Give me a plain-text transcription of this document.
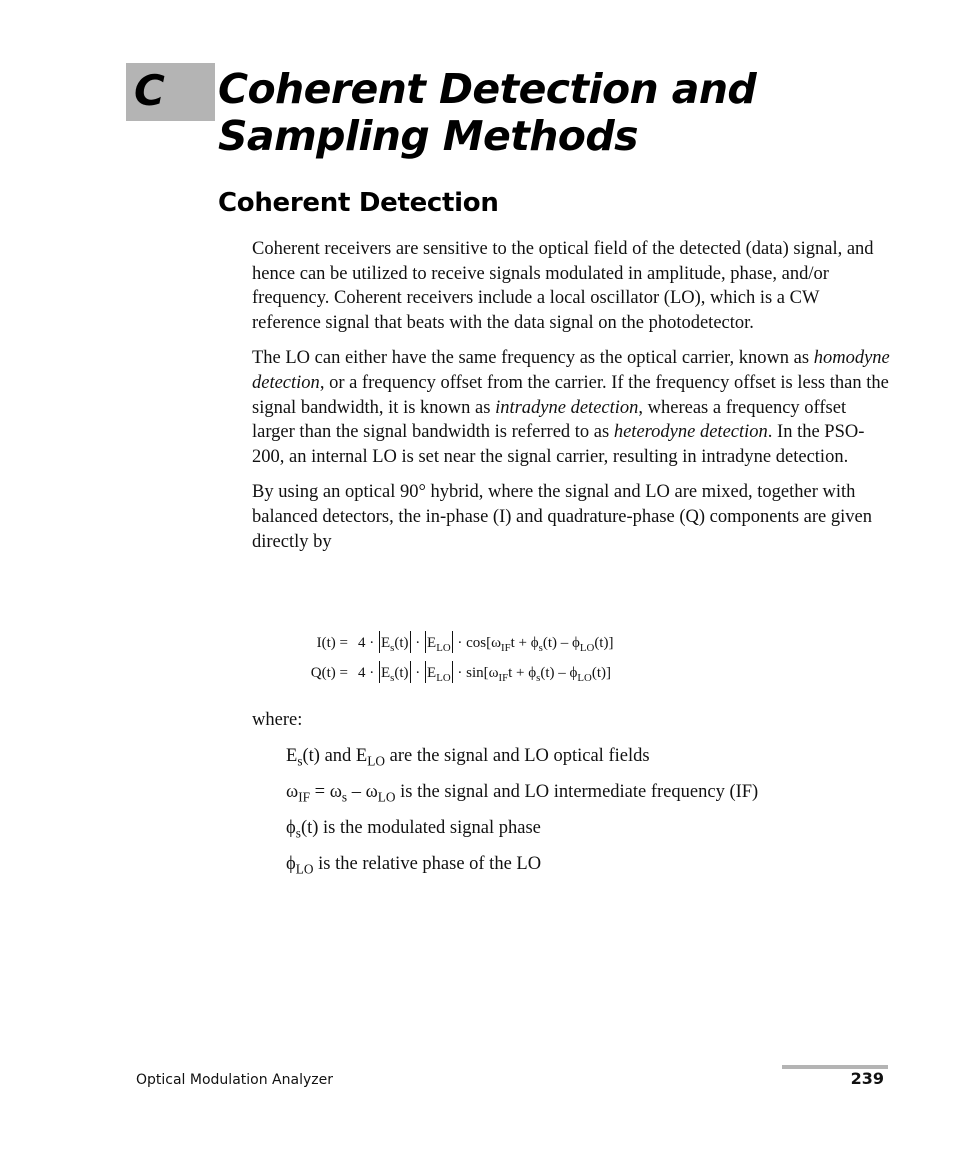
C Coherent Detection and
Sampling Methods
Coherent Detection

Coherent receivers are sensitive to the optical field of the detected (data) signal, and hence can be utilized to receive signals modulated in amplitude, phase, and/or frequency. Coherent receivers include a local oscillator (LO), which is a CW reference signal that beats with the data signal on the photodetector.

The LO can either have the same frequency as the optical carrier, known as homodyne detection, or a frequency offset from the carrier. If the frequency offset is less than the signal bandwidth, it is known as intradyne detection, whereas a frequency offset larger than the signal bandwidth is referred to as heterodyne detection. In the PSO-200, an internal LO is set near the signal carrier, resulting in intradyne detection.

By using an optical 90° hybrid, where the signal and LO are mixed, together with balanced detectors, the in-phase (I) and quadrature-phase (Q) components are given directly by

$I(t) = 4 \cdot E_s(t) \cdot E_{LO} \cdot \cos[\omega_{IF}t + \phi_s(t) - \phi_{LO}(t)]$
$Q(t) = 4 \cdot E_s(t) \cdot E_{LO} \cdot \sin[\omega_{IF}t + \phi_s(t) - \phi_{LO}(t)]$
where:
$E_s(t)$ and $E_{LO}$ are the signal and LO optical fields
$\omega_{IF} = \omega_s - \omega_{LO}$ is the signal and LO intermediate frequency (IF)
$\phi_s(t)$ is the modulated signal phase
$\phi_{LO}$ is the relative phase of the LO
Optical Modulation Analyzer	239
